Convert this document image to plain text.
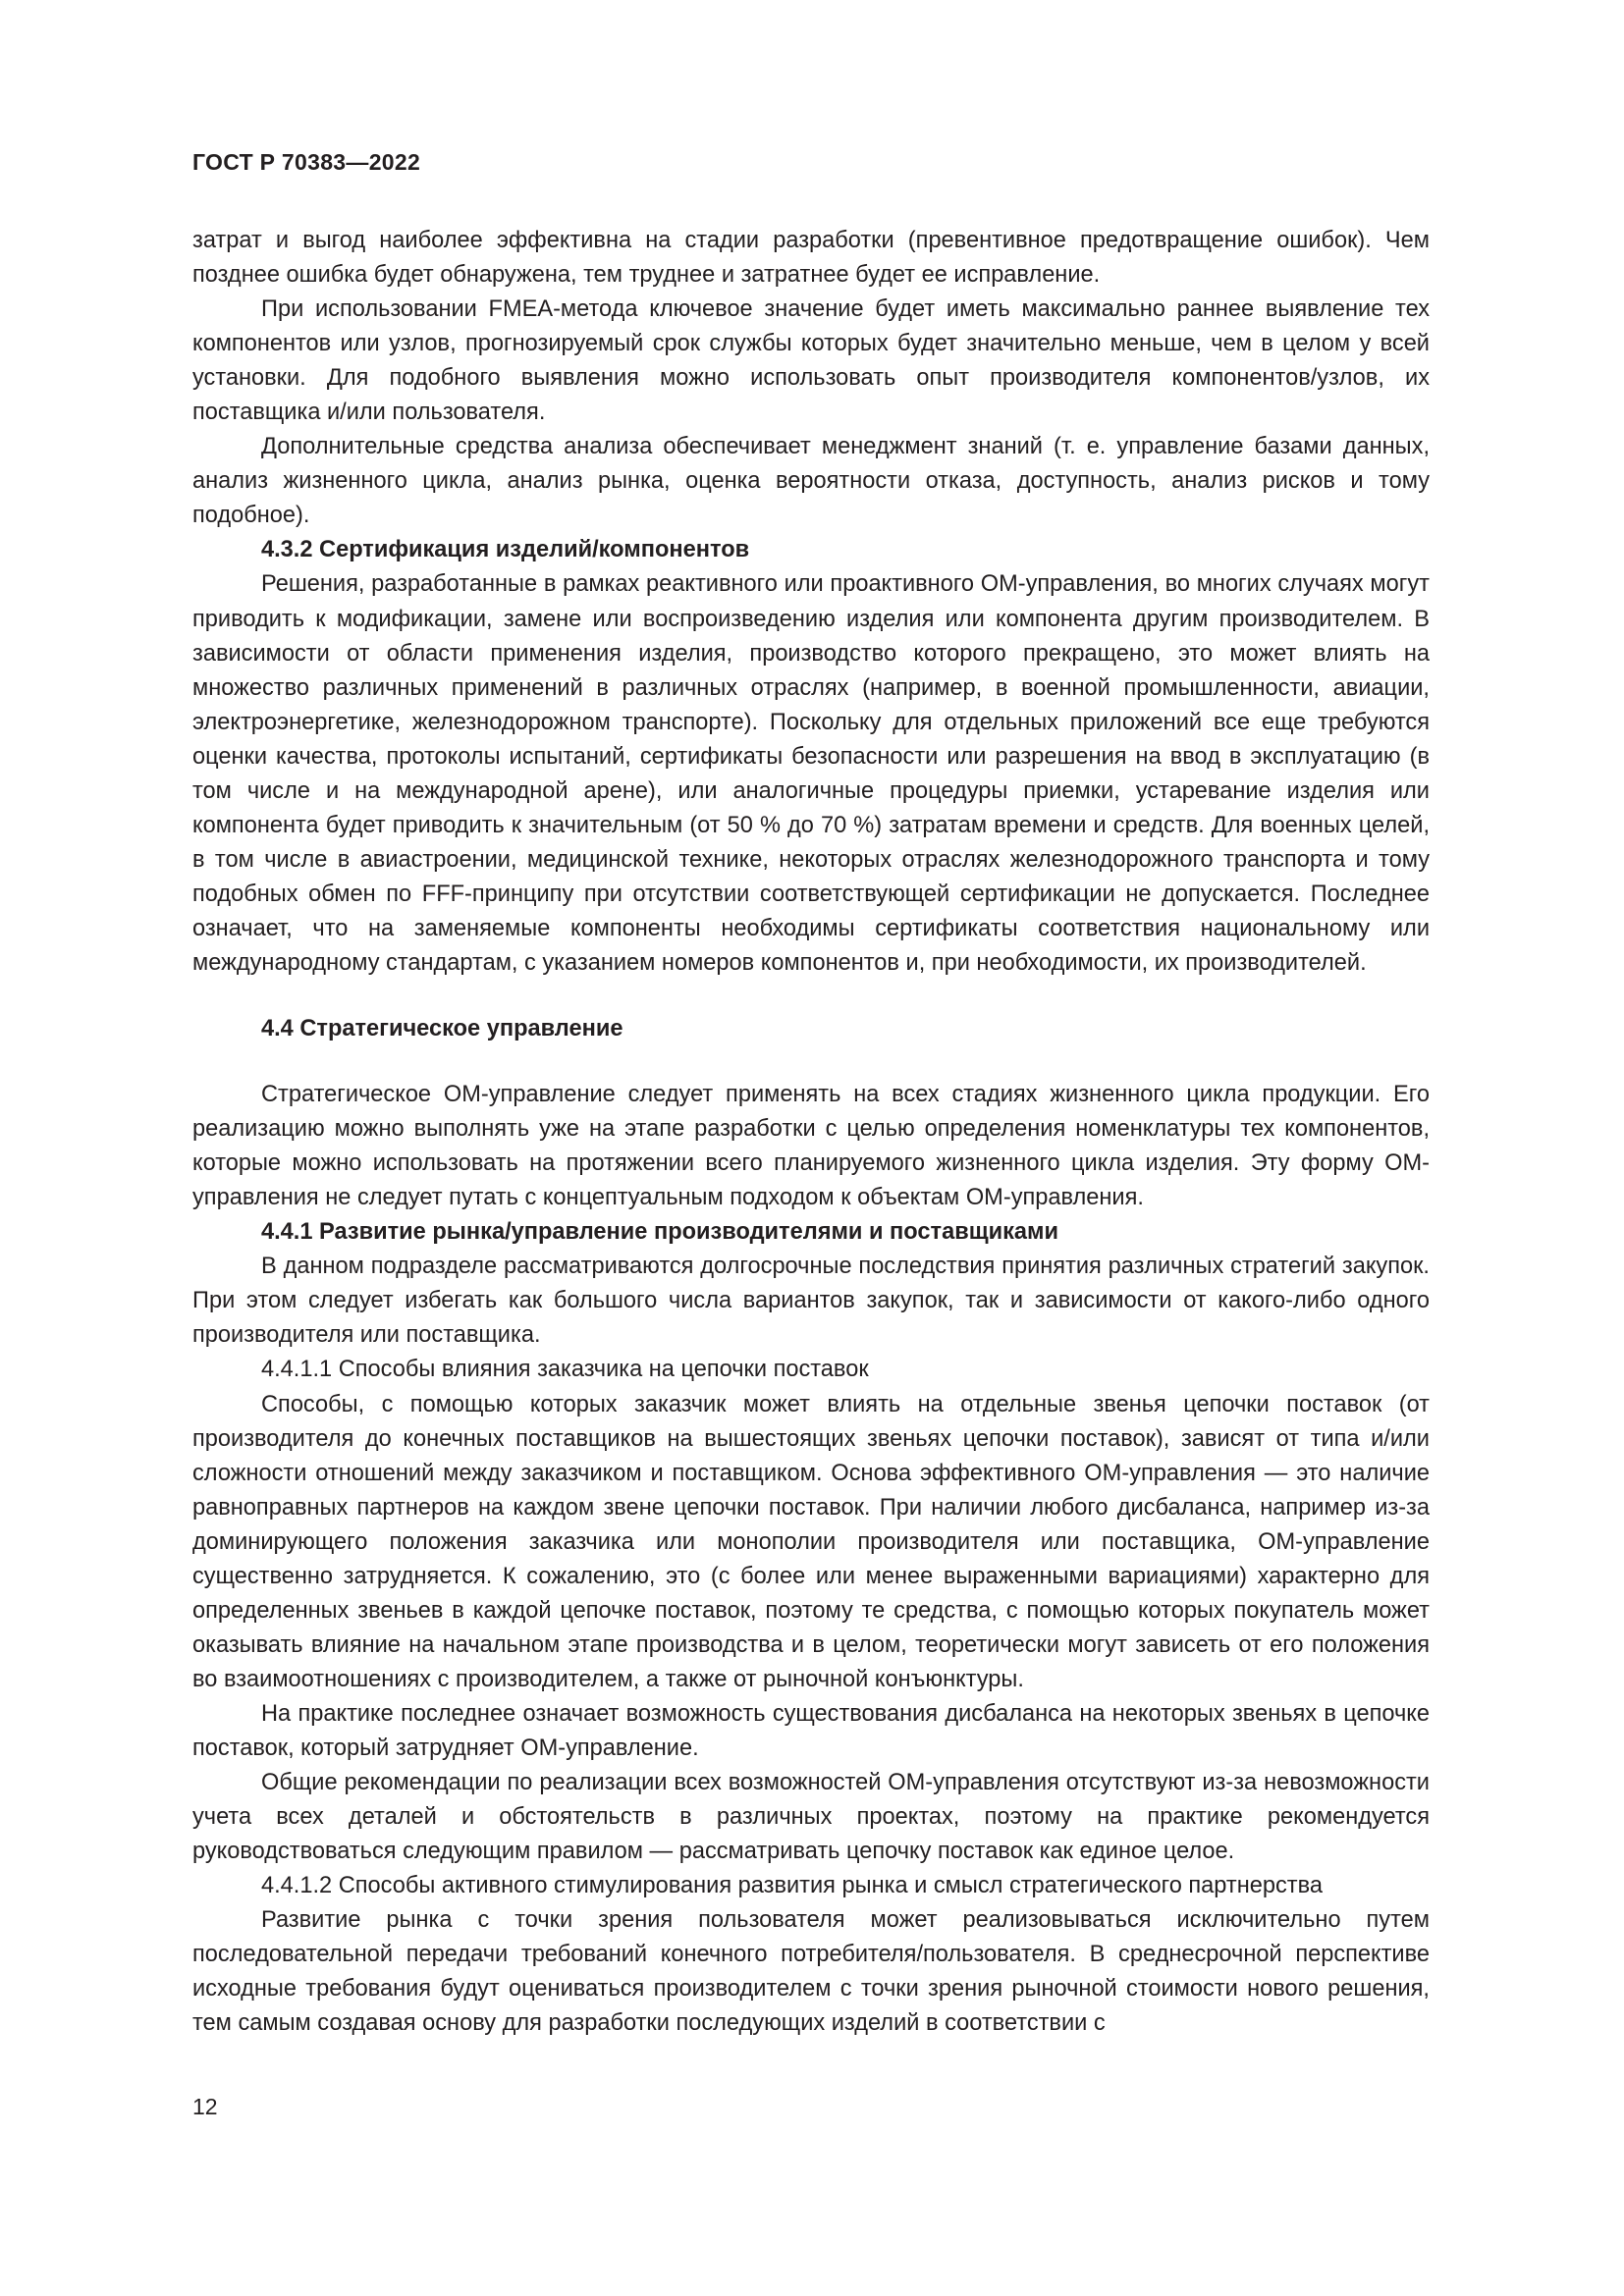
ГОСТ Р 70383—2022

затрат и выгод наиболее эффективна на стадии разработки (превентивное предотвращение ошибок). Чем позднее ошибка будет обнаружена, тем труднее и затратнее будет ее исправление.

При использовании FMEA-метода ключевое значение будет иметь максимально раннее выявление тех компонентов или узлов, прогнозируемый срок службы которых будет значительно меньше, чем в целом у всей установки. Для подобного выявления можно использовать опыт производителя компонентов/узлов, их поставщика и/или пользователя.

Дополнительные средства анализа обеспечивает менеджмент знаний (т. е. управление базами данных, анализ жизненного цикла, анализ рынка, оценка вероятности отказа, доступность, анализ рисков и тому подобное).

4.3.2 Сертификация изделий/компонентов

Решения, разработанные в рамках реактивного или проактивного ОМ-управления, во многих случаях могут приводить к модификации, замене или воспроизведению изделия или компонента другим производителем. В зависимости от области применения изделия, производство которого прекращено, это может влиять на множество различных применений в различных отраслях (например, в военной промышленности, авиации, электроэнергетике, железнодорожном транспорте). Поскольку для отдельных приложений все еще требуются оценки качества, протоколы испытаний, сертификаты безопасности или разрешения на ввод в эксплуатацию (в том числе и на международной арене), или аналогичные процедуры приемки, устаревание изделия или компонента будет приводить к значительным (от 50 % до 70 %) затратам времени и средств. Для военных целей, в том числе в авиастроении, медицинской технике, некоторых отраслях железнодорожного транспорта и тому подобных обмен по FFF-принципу при отсутствии соответствующей сертификации не допускается. Последнее означает, что на заменяемые компоненты необходимы сертификаты соответствия национальному или международному стандартам, с указанием номеров компонентов и, при необходимости, их производителей.

4.4 Стратегическое управление

Стратегическое ОМ-управление следует применять на всех стадиях жизненного цикла продукции. Его реализацию можно выполнять уже на этапе разработки с целью определения номенклатуры тех компонентов, которые можно использовать на протяжении всего планируемого жизненного цикла изделия. Эту форму ОМ-управления не следует путать с концептуальным подходом к объектам ОМ-управления.

4.4.1 Развитие рынка/управление производителями и поставщиками

В данном подразделе рассматриваются долгосрочные последствия принятия различных стратегий закупок. При этом следует избегать как большого числа вариантов закупок, так и зависимости от какого-либо одного производителя или поставщика.

4.4.1.1 Способы влияния заказчика на цепочки поставок

Способы, с помощью которых заказчик может влиять на отдельные звенья цепочки поставок (от производителя до конечных поставщиков на вышестоящих звеньях цепочки поставок), зависят от типа и/или сложности отношений между заказчиком и поставщиком. Основа эффективного ОМ-управления — это наличие равноправных партнеров на каждом звене цепочки поставок. При наличии любого дисбаланса, например из-за доминирующего положения заказчика или монополии производителя или поставщика, ОМ-управление существенно затрудняется. К сожалению, это (с более или менее выраженными вариациями) характерно для определенных звеньев в каждой цепочке поставок, поэтому те средства, с помощью которых покупатель может оказывать влияние на начальном этапе производства и в целом, теоретически могут зависеть от его положения во взаимоотношениях с производителем, а также от рыночной конъюнктуры.

На практике последнее означает возможность существования дисбаланса на некоторых звеньях в цепочке поставок, который затрудняет ОМ-управление.

Общие рекомендации по реализации всех возможностей ОМ-управления отсутствуют из-за невозможности учета всех деталей и обстоятельств в различных проектах, поэтому на практике рекомендуется руководствоваться следующим правилом — рассматривать цепочку поставок как единое целое.

4.4.1.2 Способы активного стимулирования развития рынка и смысл стратегического партнерства

Развитие рынка с точки зрения пользователя может реализовываться исключительно путем последовательной передачи требований конечного потребителя/пользователя. В среднесрочной перспективе исходные требования будут оцениваться производителем с точки зрения рыночной стоимости нового решения, тем самым создавая основу для разработки последующих изделий в соответствии с

12
